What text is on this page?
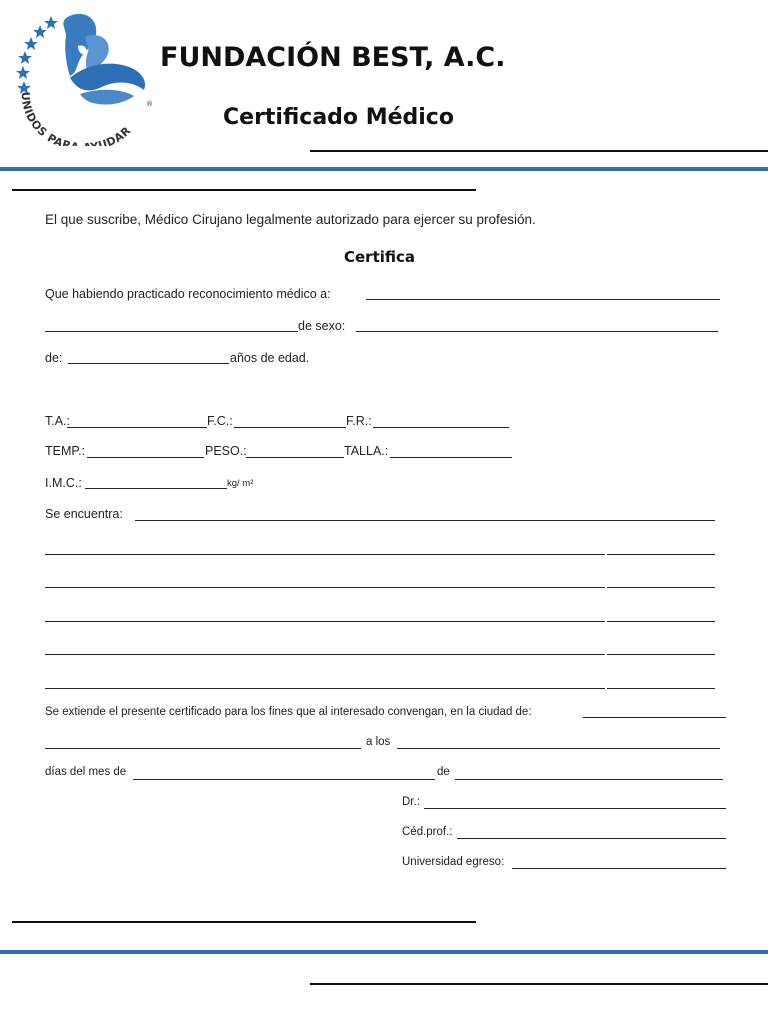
UNIDOS PAR UDAR
®
FUNDACIÓN BEST, A.C.
Certificado Médico
El que suscribe, Médico Cirujano legalmente autorizado para ejercer su profesión.
Certifica
Que habiendo practicado reconocimiento médico a:
de sexo:
de:	años de edad.
T.A.:	F.C.:	F.R.:
TEMP.:	PESO.:	TALLA.:
I.M.C.:	kg/ m²
Se encuentra:
Se extiende el presente certificado para los fines que al interesado convengan, en la ciudad de:
a los
días del mes de	de
Dr.:
Céd.prof.:
Universidad egreso:
